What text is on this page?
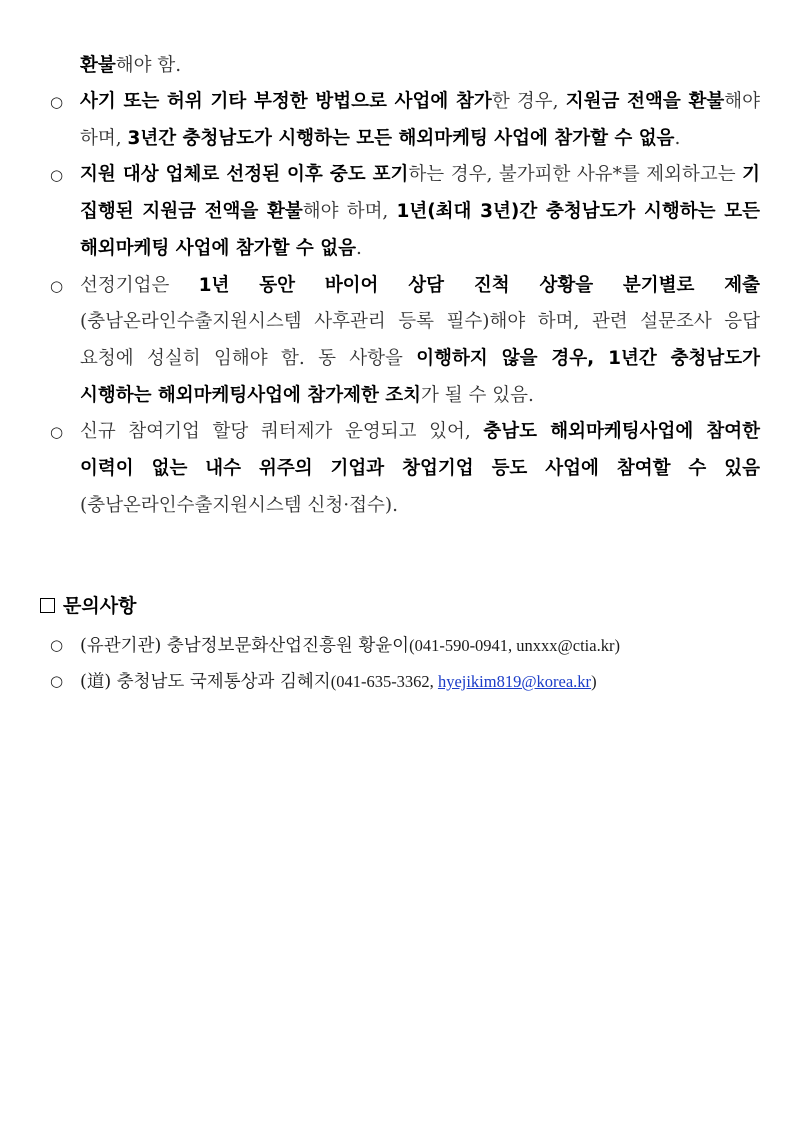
환불해야 함.
○ 사기 또는 허위 기타 부정한 방법으로 사업에 참가한 경우, 지원금 전액을 환불해야 하며, 3년간 충청남도가 시행하는 모든 해외마케팅 사업에 참가할 수 없음.
○ 지원 대상 업체로 선정된 이후 중도 포기하는 경우, 불가피한 사유*를 제외하고는 기 집행된 지원금 전액을 환불해야 하며, 1년(최대 3년)간 충청남도가 시행하는 모든 해외마케팅 사업에 참가할 수 없음.
○ 선정기업은 1년 동안 바이어 상담 진척 상황을 분기별로 제출(충남온라인수출지원시스템 사후관리 등록 필수)해야 하며, 관련 설문조사 응답 요청에 성실히 임해야 함. 동 사항을 이행하지 않을 경우, 1년간 충청남도가 시행하는 해외마케팅사업에 참가제한 조치가 될 수 있음.
○ 신규 참여기업 할당 쿼터제가 운영되고 있어, 충남도 해외마케팅사업에 참여한 이력이 없는 내수 위주의 기업과 창업기업 등도 사업에 참여할 수 있음(충남온라인수출지원시스템 신청·접수).
문의사항
○ (유관기관) 충남정보문화산업진흥원 황윤이(041-590-0941, unxxx@ctia.kr)
○ (道) 충청남도 국제통상과 김혜지(041-635-3362, hyejikim819@korea.kr)
